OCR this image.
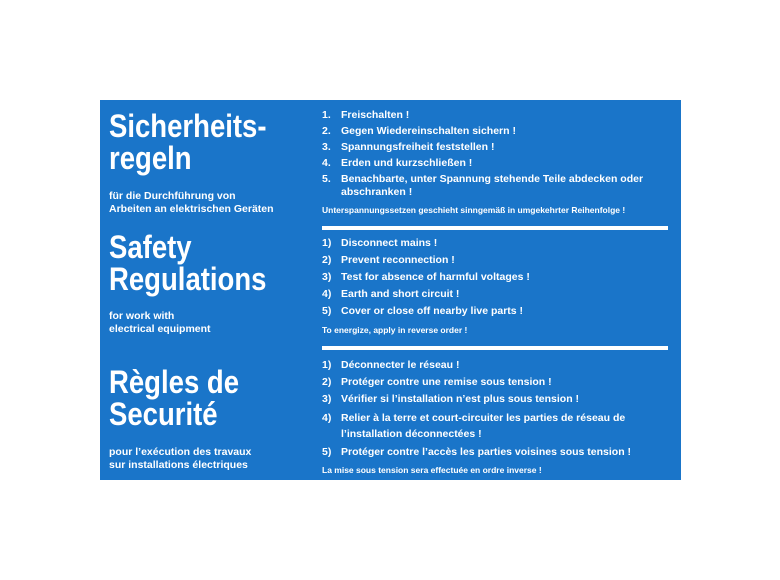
Sicherheits-
regeln
für die Durchführung von
Arbeiten an elektrischen Geräten
Safety
Regulations
for work with
electrical equipment
Règles de
Securité
pour l’exécution des travaux
sur installations électriques
1. Freischalten !
2. Gegen Wiedereinschalten sichern !
3. Spannungsfreiheit feststellen !
4. Erden und kurzschließen !
5. Benachbarte, unter Spannung stehende Teile abdecken oder
abschranken !
Unterspannungssetzen geschieht sinngemäß in umgekehrter Reihenfolge !
1) Disconnect mains !
2) Prevent reconnection !
3) Test for absence of harmful voltages !
4) Earth and short circuit !
5) Cover or close off nearby live parts !
To energize, apply in reverse order !
1) Déconnecter le réseau !
2) Protéger contre une remise sous tension !
3) Vérifier si l’installation n’est plus sous tension !
4) Relier à la terre et court-circuiter les parties de réseau de
l’installation déconnectées !
5) Protéger contre l’accès les parties voisines sous tension !
La mise sous tension sera effectuée en ordre inverse !
